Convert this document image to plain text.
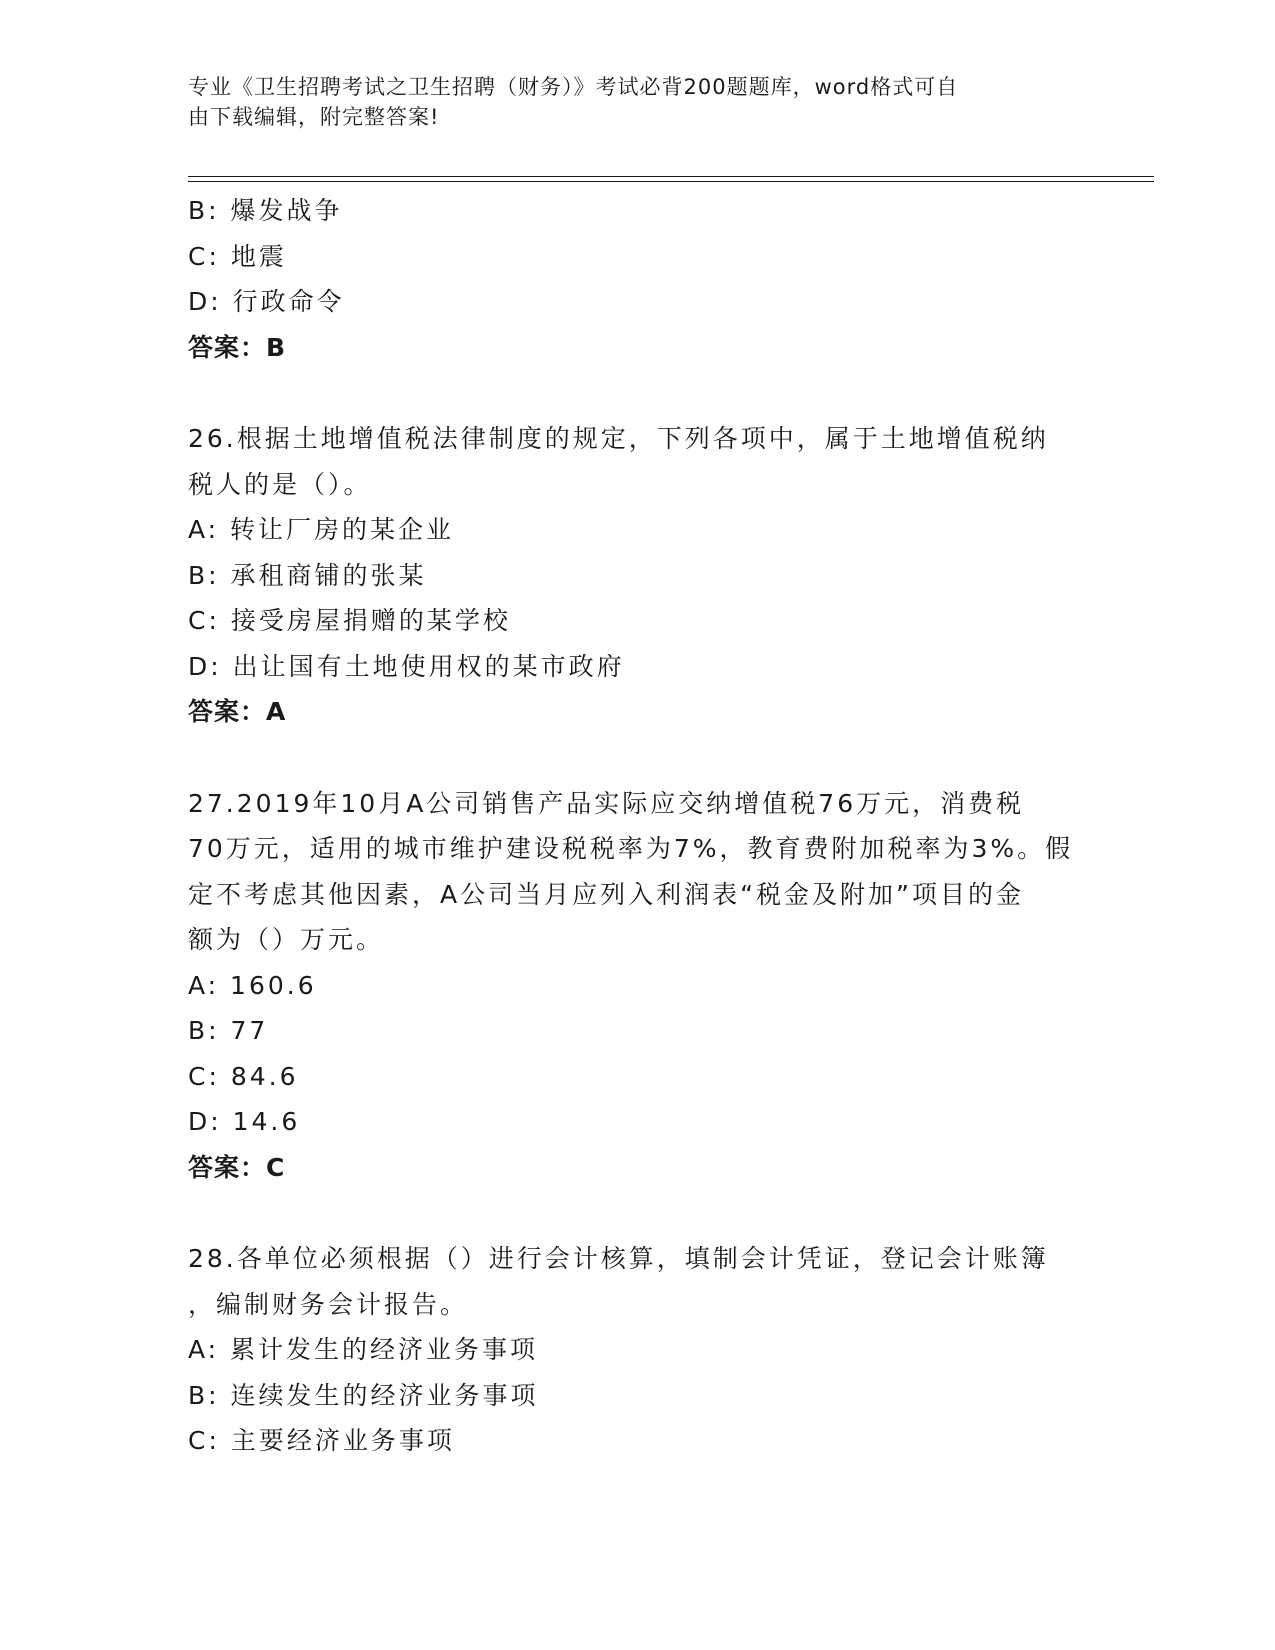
专业《卫生招聘考试之卫生招聘（财务）》考试必背200题题库，word格式可自
由下载编辑，附完整答案!
B: 爆发战争
C: 地震
D: 行政命令
答案：B
26.根据土地增值税法律制度的规定，下列各项中，属于土地增值税纳
税人的是（）。
A: 转让厂房的某企业
B: 承租商铺的张某
C: 接受房屋捐赠的某学校
D: 出让国有土地使用权的某市政府
答案：A
27.2019年10月A公司销售产品实际应交纳增值税76万元，消费税
70万元，适用的城市维护建设税税率为7%，教育费附加税率为3%。假
定不考虑其他因素，A公司当月应列入利润表“税金及附加”项目的金
额为（）万元。
A: 160.6
B: 77
C: 84.6
D: 14.6
答案：C
28.各单位必须根据（）进行会计核算，填制会计凭证，登记会计账簿
，编制财务会计报告。
A: 累计发生的经济业务事项
B: 连续发生的经济业务事项
C: 主要经济业务事项
